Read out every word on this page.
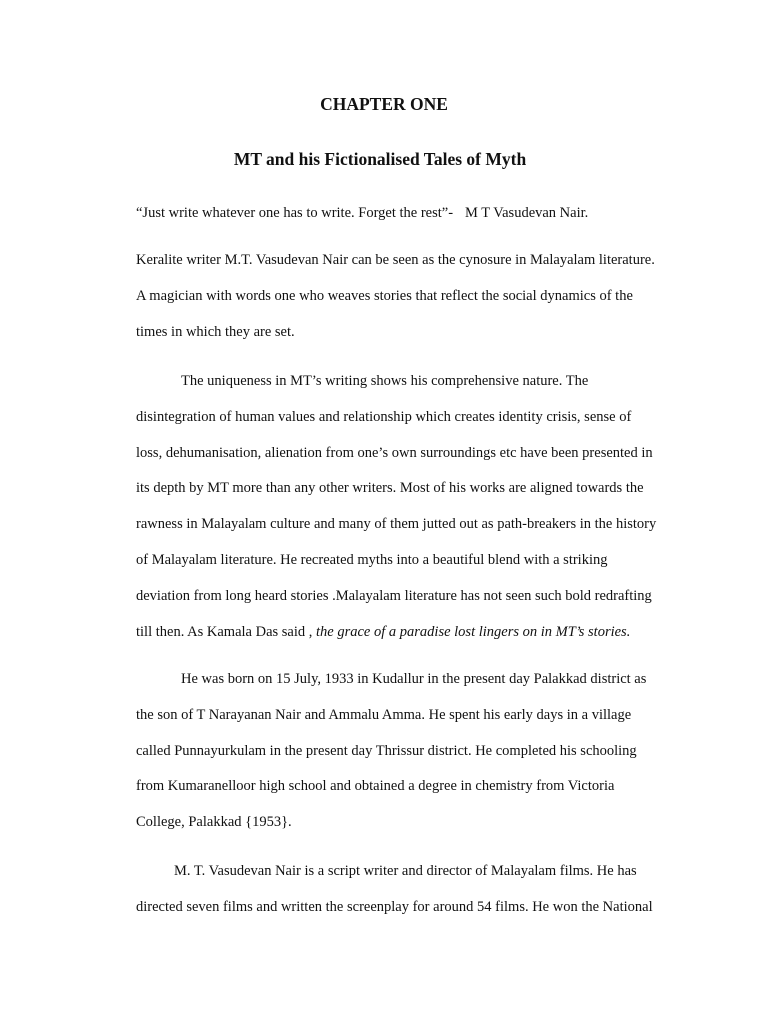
CHAPTER ONE
MT and his Fictionalised Tales of Myth

“Just write whatever one has to write. Forget the rest”- M T Vasudevan Nair.

Keralite writer M.T. Vasudevan Nair can be seen as the cynosure in Malayalam literature.
A magician with words one who weaves stories that reflect the social dynamics of the
times in which they are set.

The uniqueness in MT’s writing shows his comprehensive nature. The
disintegration of human values and relationship which creates identity crisis, sense of
loss, dehumanisation, alienation from one’s own surroundings etc have been presented in
its depth by MT more than any other writers. Most of his works are aligned towards the
rawness in Malayalam culture and many of them jutted out as path-breakers in the history
of Malayalam literature. He recreated myths into a beautiful blend with a striking
deviation from long heard stories .Malayalam literature has not seen such bold redrafting
till then. As Kamala Das said , the grace of a paradise lost lingers on in MT’s stories.

He was born on 15 July, 1933 in Kudallur in the present day Palakkad district as
the son of T Narayanan Nair and Ammalu Amma. He spent his early days in a village
called Punnayurkulam in the present day Thrissur district. He completed his schooling
from Kumaranelloor high school and obtained a degree in chemistry from Victoria
College, Palakkad {1953}.

M. T. Vasudevan Nair is a script writer and director of Malayalam films. He has
directed seven films and written the screenplay for around 54 films. He won the National
